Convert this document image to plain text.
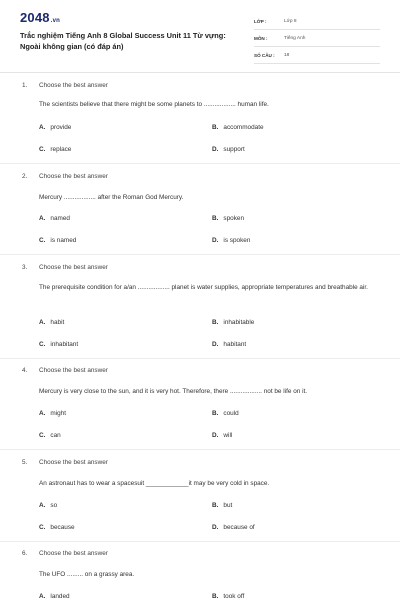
2048.vn
Trắc nghiệm Tiếng Anh 8 Global Success Unit 11 Từ vựng:
Ngoài không gian (có đáp án)
LỚP :	Lớp 8
MÔN :	Tiếng Anh
SỐ CÂU :	18
1. Choose the best answer
The scientists believe that there might be some planets to .................. human life.
A. provide	B. accommodate
C. replace	D. support
2. Choose the best answer
Mercury .................. after the Roman God Mercury.
A. named	B. spoken
C. is named	D. is spoken
3. Choose the best answer
The prerequisite condition for a/an .................. planet is water supplies, appropriate temperatures and breathable air.
A. habit	B. inhabitable
C. inhabitant	D. habitant
4. Choose the best answer
Mercury is very close to the sun, and it is very hot. Therefore, there .................. not be life on it.
A. might	B. could
C. can	D. will
5. Choose the best answer
An astronaut has to wear a spacesuit ____________it may be very cold in space.
A. so	B. but
C. because	D. because of
6. Choose the best answer
The UFO ......... on a grassy area.
A. landed	B. took off
